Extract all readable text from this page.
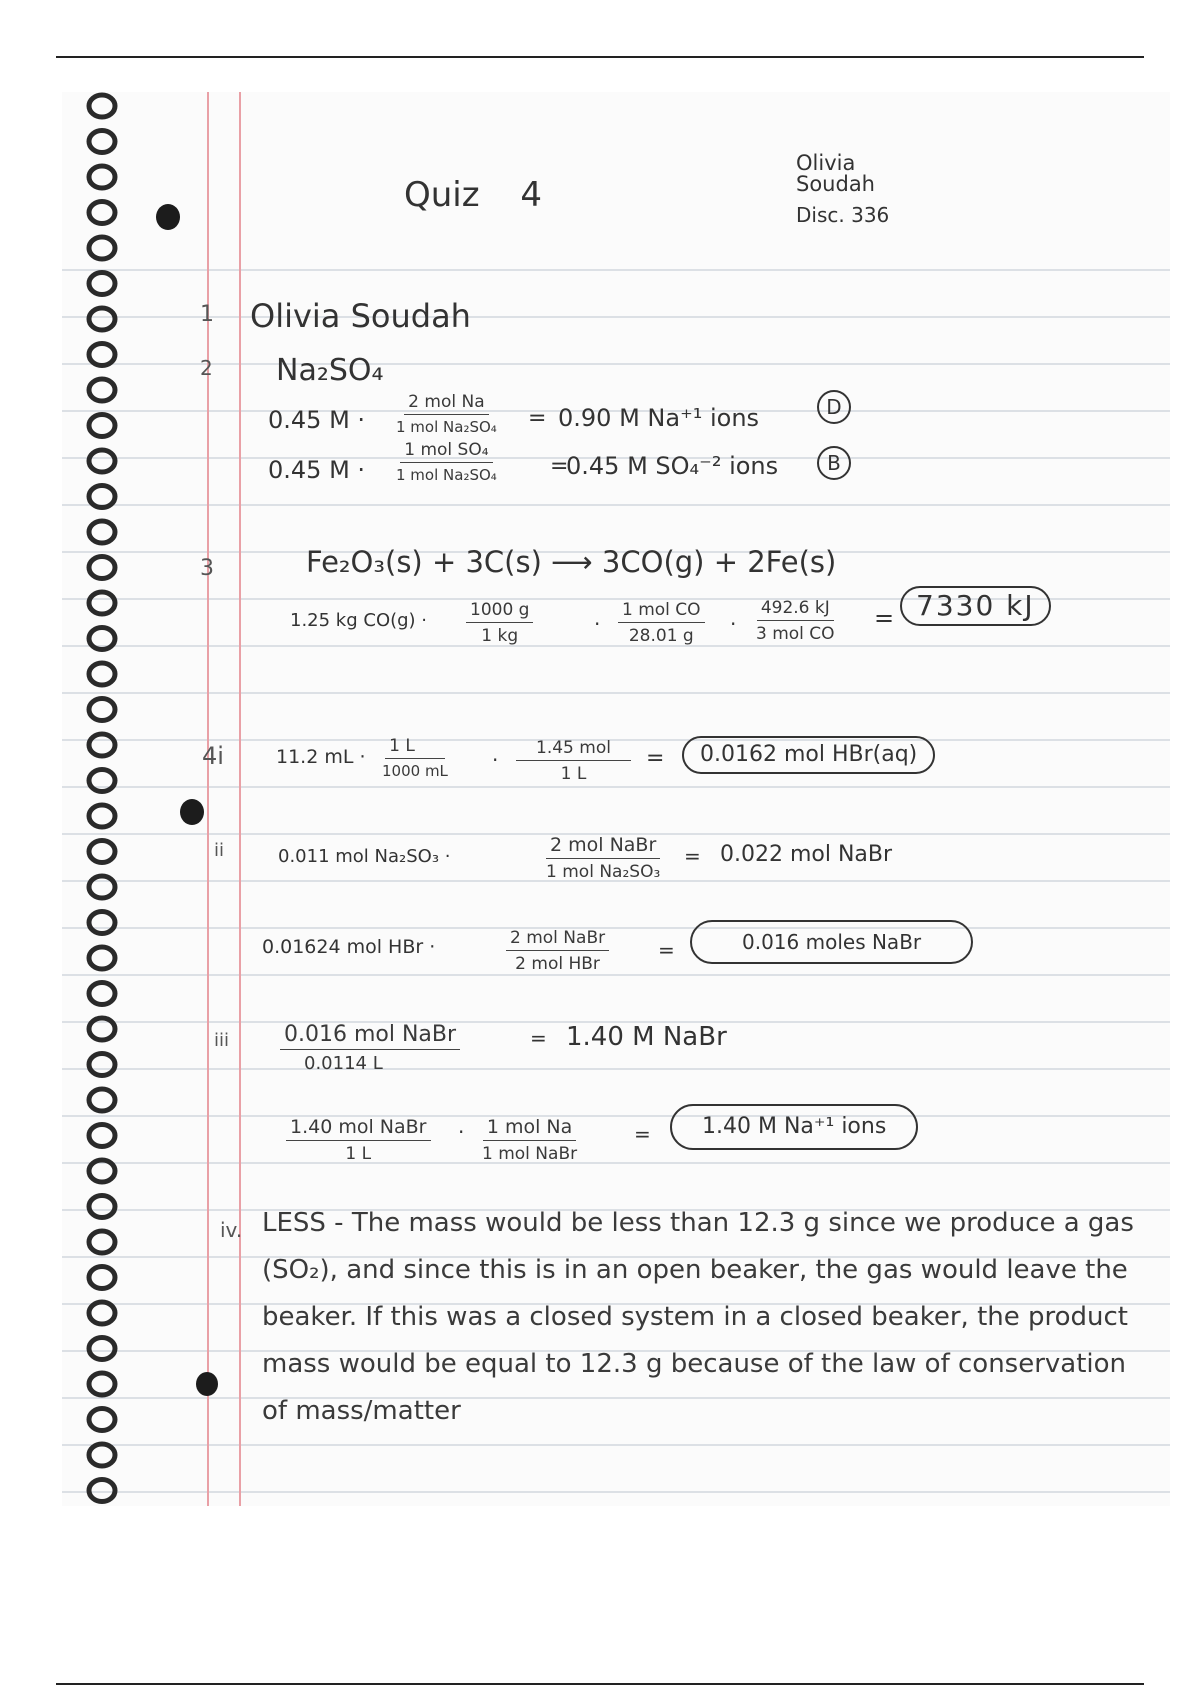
Quiz 4
Olivia
Soudah
Disc. 336
1 Olivia Soudah
2 Na₂SO₄
0.45 M ·
2 mol Na
1 mol Na₂SO₄ = 0.90 M Na⁺¹ ions	D
0.45 M ·
1 mol SO₄
1 mol Na₂SO₄ =
0.45 M SO₄⁻² ions	B
3	Fe₂O₃(s) + 3C(s) ⟶ 3CO(g) + 2Fe(s)
1.25 kg $CO(g) \cdot \frac{1000 g}{1 kg}$	·
1 mol CO
28.01 g ·
492.6 kJ
3 mol CO
= 7330 kJ
4i	11.2 mL · $\frac{1 L}{1000 mL}$ ·	1.45 mol
1 L
=	0.0162 mol HBr(aq)
ii	0.011 mol Na₂SO₃ ·
2 mol NaBr
1 mol Na₂SO₃
= 0.022 mol NaBr
0.01624 mol HBr ·	2 mol NaBr
2 mol HBr
=	0.016 moles NaBr
iii 0.016 mol NaBr
0.0114 L
= 1.40 M NaBr
1.40 mol NaBr
1 L
· 1 mol Na
1 mol NaBr
=	1.40 M Na⁺¹ ions
iv. LESS - The mass would be less than 12.3 g since we produce a gas (SO₂), and since this is in an open beaker, the gas would leave the beaker. If this was a closed system in a closed beaker, the product mass would be equal to 12.3 g because of the law of conservation of mass/matter
